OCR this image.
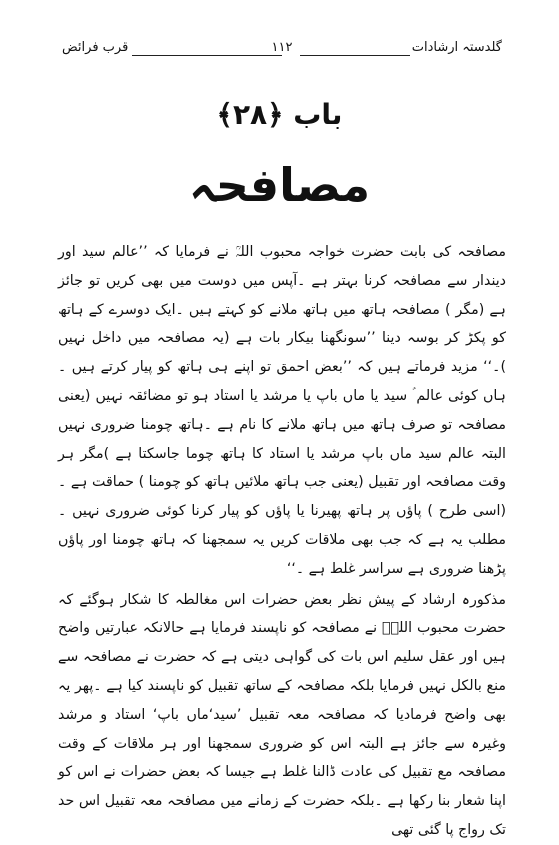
گلدستہ ارشادات
۱۱۲
قرب فرائض
باب ﴿۲۸﴾
مصافحہ

مصافحہ کی بابت حضرت خواجہ محبوب اللہؒ نے فرمایا کہ ’’عالم سید اور دیندار سے مصافحہ کرنا بہتر ہے ۔آپس میں دوست میں بھی کریں تو جائز ہے (مگر ) مصافحہ ہاتھ میں ہاتھ ملانے کو کہتے ہیں ۔ایک دوسرے کے ہاتھ کو پکڑ کر بوسہ دینا ’’سونگھنا بیکار بات ہے (یہ مصافحہ میں داخل نہیں )۔‘‘ مزید فرماتے ہیں کہ ’’بعض احمق تو اپنے ہی ہاتھ کو پیار کرتے ہیں ۔ہاں کوئی عالم ؑ سید یا ماں باپ یا مرشد یا استاد ہو تو مضائقہ نہیں (یعنی مصافحہ تو صرف ہاتھ میں ہاتھ ملانے کا نام ہے ۔ہاتھ چومنا ضروری نہیں البتہ عالم سید ماں باپ مرشد یا استاد کا ہاتھ چوما جاسکتا ہے )مگر ہر وقت مصافحہ اور تقبیل (یعنی جب ہاتھ ملائیں ہاتھ کو چومنا ) حماقت ہے ۔(اسی طرح ) پاؤں پر ہاتھ پھیرنا یا پاؤں کو پیار کرنا کوئی ضروری نہیں ۔مطلب یہ ہے کہ جب بھی ملاقات کریں یہ سمجھنا کہ ہاتھ چومنا اور پاؤں پڑھنا ضروری ہے سراسر غلط ہے ۔‘‘

مذکورہ ارشاد کے پیش نظر بعض حضرات اس مغالطہ کا شکار ہوگئے کہ حضرت محبوب اللہؒ نے مصافحہ کو ناپسند فرمایا ہے حالانکہ عبارتیں واضح ہیں اور عقل سلیم اس بات کی گواہی دیتی ہے کہ حضرت نے مصافحہ سے منع بالکل نہیں فرمایا بلکہ مصافحہ کے ساتھ تقبیل کو ناپسند کیا ہے ۔پھر یہ بھی واضح فرمادیا کہ مصافحہ معہ تقبیل ’سید‘ماں باپ‘ استاد و مرشد وغیرہ سے جائز ہے البتہ اس کو ضروری سمجھنا اور ہر ملاقات کے وقت مصافحہ مع تقبیل کی عادت ڈالنا غلط ہے جیسا کہ بعض حضرات نے اس کو اپنا شعار بنا رکھا ہے ۔بلکہ حضرت کے زمانے میں مصافحہ معہ تقبیل اس حد تک رواج پا گئی تھی
